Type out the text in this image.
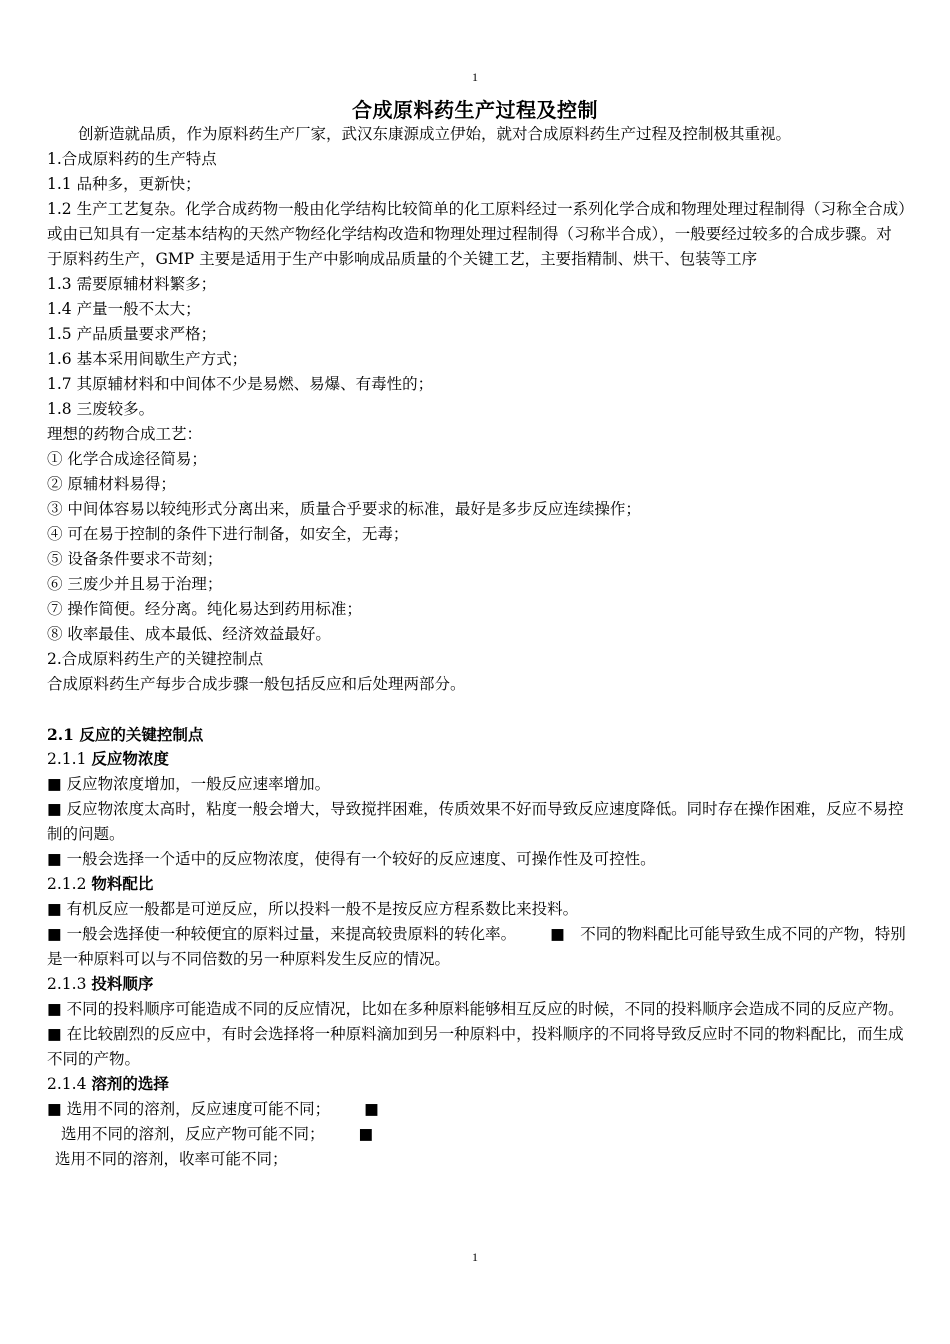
1
合成原料药生产过程及控制

创新造就品质，作为原料药生产厂家，武汉东康源成立伊始，就对合成原料药生产过程及控制极其重视。

1.合成原料药的生产特点

1.1 品种多，更新快；

1.2 生产工艺复杂。化学合成药物一般由化学结构比较简单的化工原料经过一系列化学合成和物理处理过程制得（习称全合成）或由已知具有一定基本结构的天然产物经化学结构改造和物理处理过程制得（习称半合成），一般要经过较多的合成步骤。对于原料药生产，GMP 主要是适用于生产中影响成品质量的个关键工艺，主要指精制、烘干、包装等工序

1.3 需要原辅材料繁多；

1.4 产量一般不太大；

1.5 产品质量要求严格；

1.6 基本采用间歇生产方式；

1.7 其原辅材料和中间体不少是易燃、易爆、有毒性的；

1.8 三废较多。

理想的药物合成工艺：

① 化学合成途径简易；

② 原辅材料易得；

③ 中间体容易以较纯形式分离出来，质量合乎要求的标准，最好是多步反应连续操作；

④ 可在易于控制的条件下进行制备，如安全，无毒；

⑤ 设备条件要求不苛刻；

⑥ 三废少并且易于治理；

⑦ 操作简便。经分离。纯化易达到药用标准；

⑧ 收率最佳、成本最低、经济效益最好。

2.合成原料药生产的关键控制点

合成原料药生产每步合成步骤一般包括反应和后处理两部分。

2.1 反应的关键控制点

2.1.1 反应物浓度

■ 反应物浓度增加，一般反应速率增加。

■ 反应物浓度太高时，粘度一般会增大，导致搅拌困难，传质效果不好而导致反应速度降低。同时存在操作困难，反应不易控制的问题。

■ 一般会选择一个适中的反应物浓度，使得有一个较好的反应速度、可操作性及可控性。

2.1.2 物料配比

■ 有机反应一般都是可逆反应，所以投料一般不是按反应方程系数比来投料。

■ 一般会选择使一种较便宜的原料过量，来提高较贵原料的转化率。 ■　不同的物料配比可能导致生成不同的产物，特别是一种原料可以与不同倍数的另一种原料发生反应的情况。

2.1.3 投料顺序

■ 不同的投料顺序可能造成不同的反应情况，比如在多种原料能够相互反应的时候，不同的投料顺序会造成不同的反应产物。

■ 在比较剧烈的反应中，有时会选择将一种原料滴加到另一种原料中，投料顺序的不同将导致反应时不同的物料配比，而生成不同的产物。

2.1.4 溶剂的选择

■ 选用不同的溶剂，反应速度可能不同； ■

选用不同的溶剂，反应产物可能不同； ■

选用不同的溶剂，收率可能不同；

1
